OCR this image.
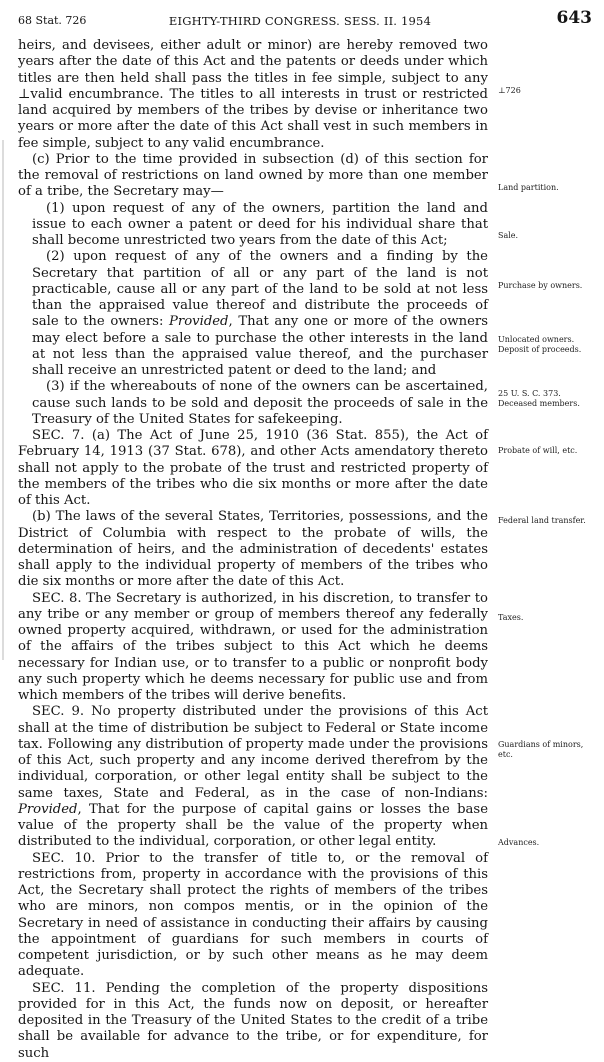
68 Stat. 726	EIGHTY-THIRD CONGRESS. SESS. II. 1954	643

heirs, and devisees, either adult or minor) are hereby removed two years after the date of this Act and the patents or deeds under which titles are then held shall pass the titles in fee simple, subject to any ⊥valid encumbrance. The titles to all interests in trust or restricted land acquired by members of the tribes by devise or inheritance two years or more after the date of this Act shall vest in such members in fee simple, subject to any valid encumbrance.

(c) Prior to the time provided in subsection (d) of this section for the removal of restrictions on land owned by more than one member of a tribe, the Secretary may—

(1) upon request of any of the owners, partition the land and issue to each owner a patent or deed for his individual share that shall become unrestricted two years from the date of this Act;

(2) upon request of any of the owners and a finding by the Secretary that partition of all or any part of the land is not practicable, cause all or any part of the land to be sold at not less than the appraised value thereof and distribute the proceeds of sale to the owners: Provided, That any one or more of the owners may elect before a sale to purchase the other interests in the land at not less than the appraised value thereof, and the purchaser shall receive an unrestricted patent or deed to the land; and

(3) if the whereabouts of none of the owners can be ascertained, cause such lands to be sold and deposit the proceeds of sale in the Treasury of the United States for safekeeping.

SEC. 7. (a) The Act of June 25, 1910 (36 Stat. 855), the Act of February 14, 1913 (37 Stat. 678), and other Acts amendatory thereto shall not apply to the probate of the trust and restricted property of the members of the tribes who die six months or more after the date of this Act.

(b) The laws of the several States, Territories, possessions, and the District of Columbia with respect to the probate of wills, the determination of heirs, and the administration of decedents' estates shall apply to the individual property of members of the tribes who die six months or more after the date of this Act.

SEC. 8. The Secretary is authorized, in his discretion, to transfer to any tribe or any member or group of members thereof any federally owned property acquired, withdrawn, or used for the administration of the affairs of the tribes subject to this Act which he deems necessary for Indian use, or to transfer to a public or nonprofit body any such property which he deems necessary for public use and from which members of the tribes will derive benefits.

SEC. 9. No property distributed under the provisions of this Act shall at the time of distribution be subject to Federal or State income tax. Following any distribution of property made under the provisions of this Act, such property and any income derived therefrom by the individual, corporation, or other legal entity shall be subject to the same taxes, State and Federal, as in the case of non-Indians: Provided, That for the purpose of capital gains or losses the base value of the property shall be the value of the property when distributed to the individual, corporation, or other legal entity.

SEC. 10. Prior to the transfer of title to, or the removal of restrictions from, property in accordance with the provisions of this Act, the Secretary shall protect the rights of members of the tribes who are minors, non compos mentis, or in the opinion of the Secretary in need of assistance in conducting their affairs by causing the appointment of guardians for such members in courts of competent jurisdiction, or by such other means as he may deem adequate.

SEC. 11. Pending the completion of the property dispositions provided for in this Act, the funds now on deposit, or hereafter deposited in the Treasury of the United States to the credit of a tribe shall be available for advance to the tribe, or for expenditure, for such

⊥726
Land partition.
Sale.
Purchase by owners.
Unlocated owners. Deposit of proceeds.
25 U. S. C. 373. Deceased members.
Probate of will, etc.
Federal land transfer.
Taxes.
Guardians of minors, etc.
Advances.
